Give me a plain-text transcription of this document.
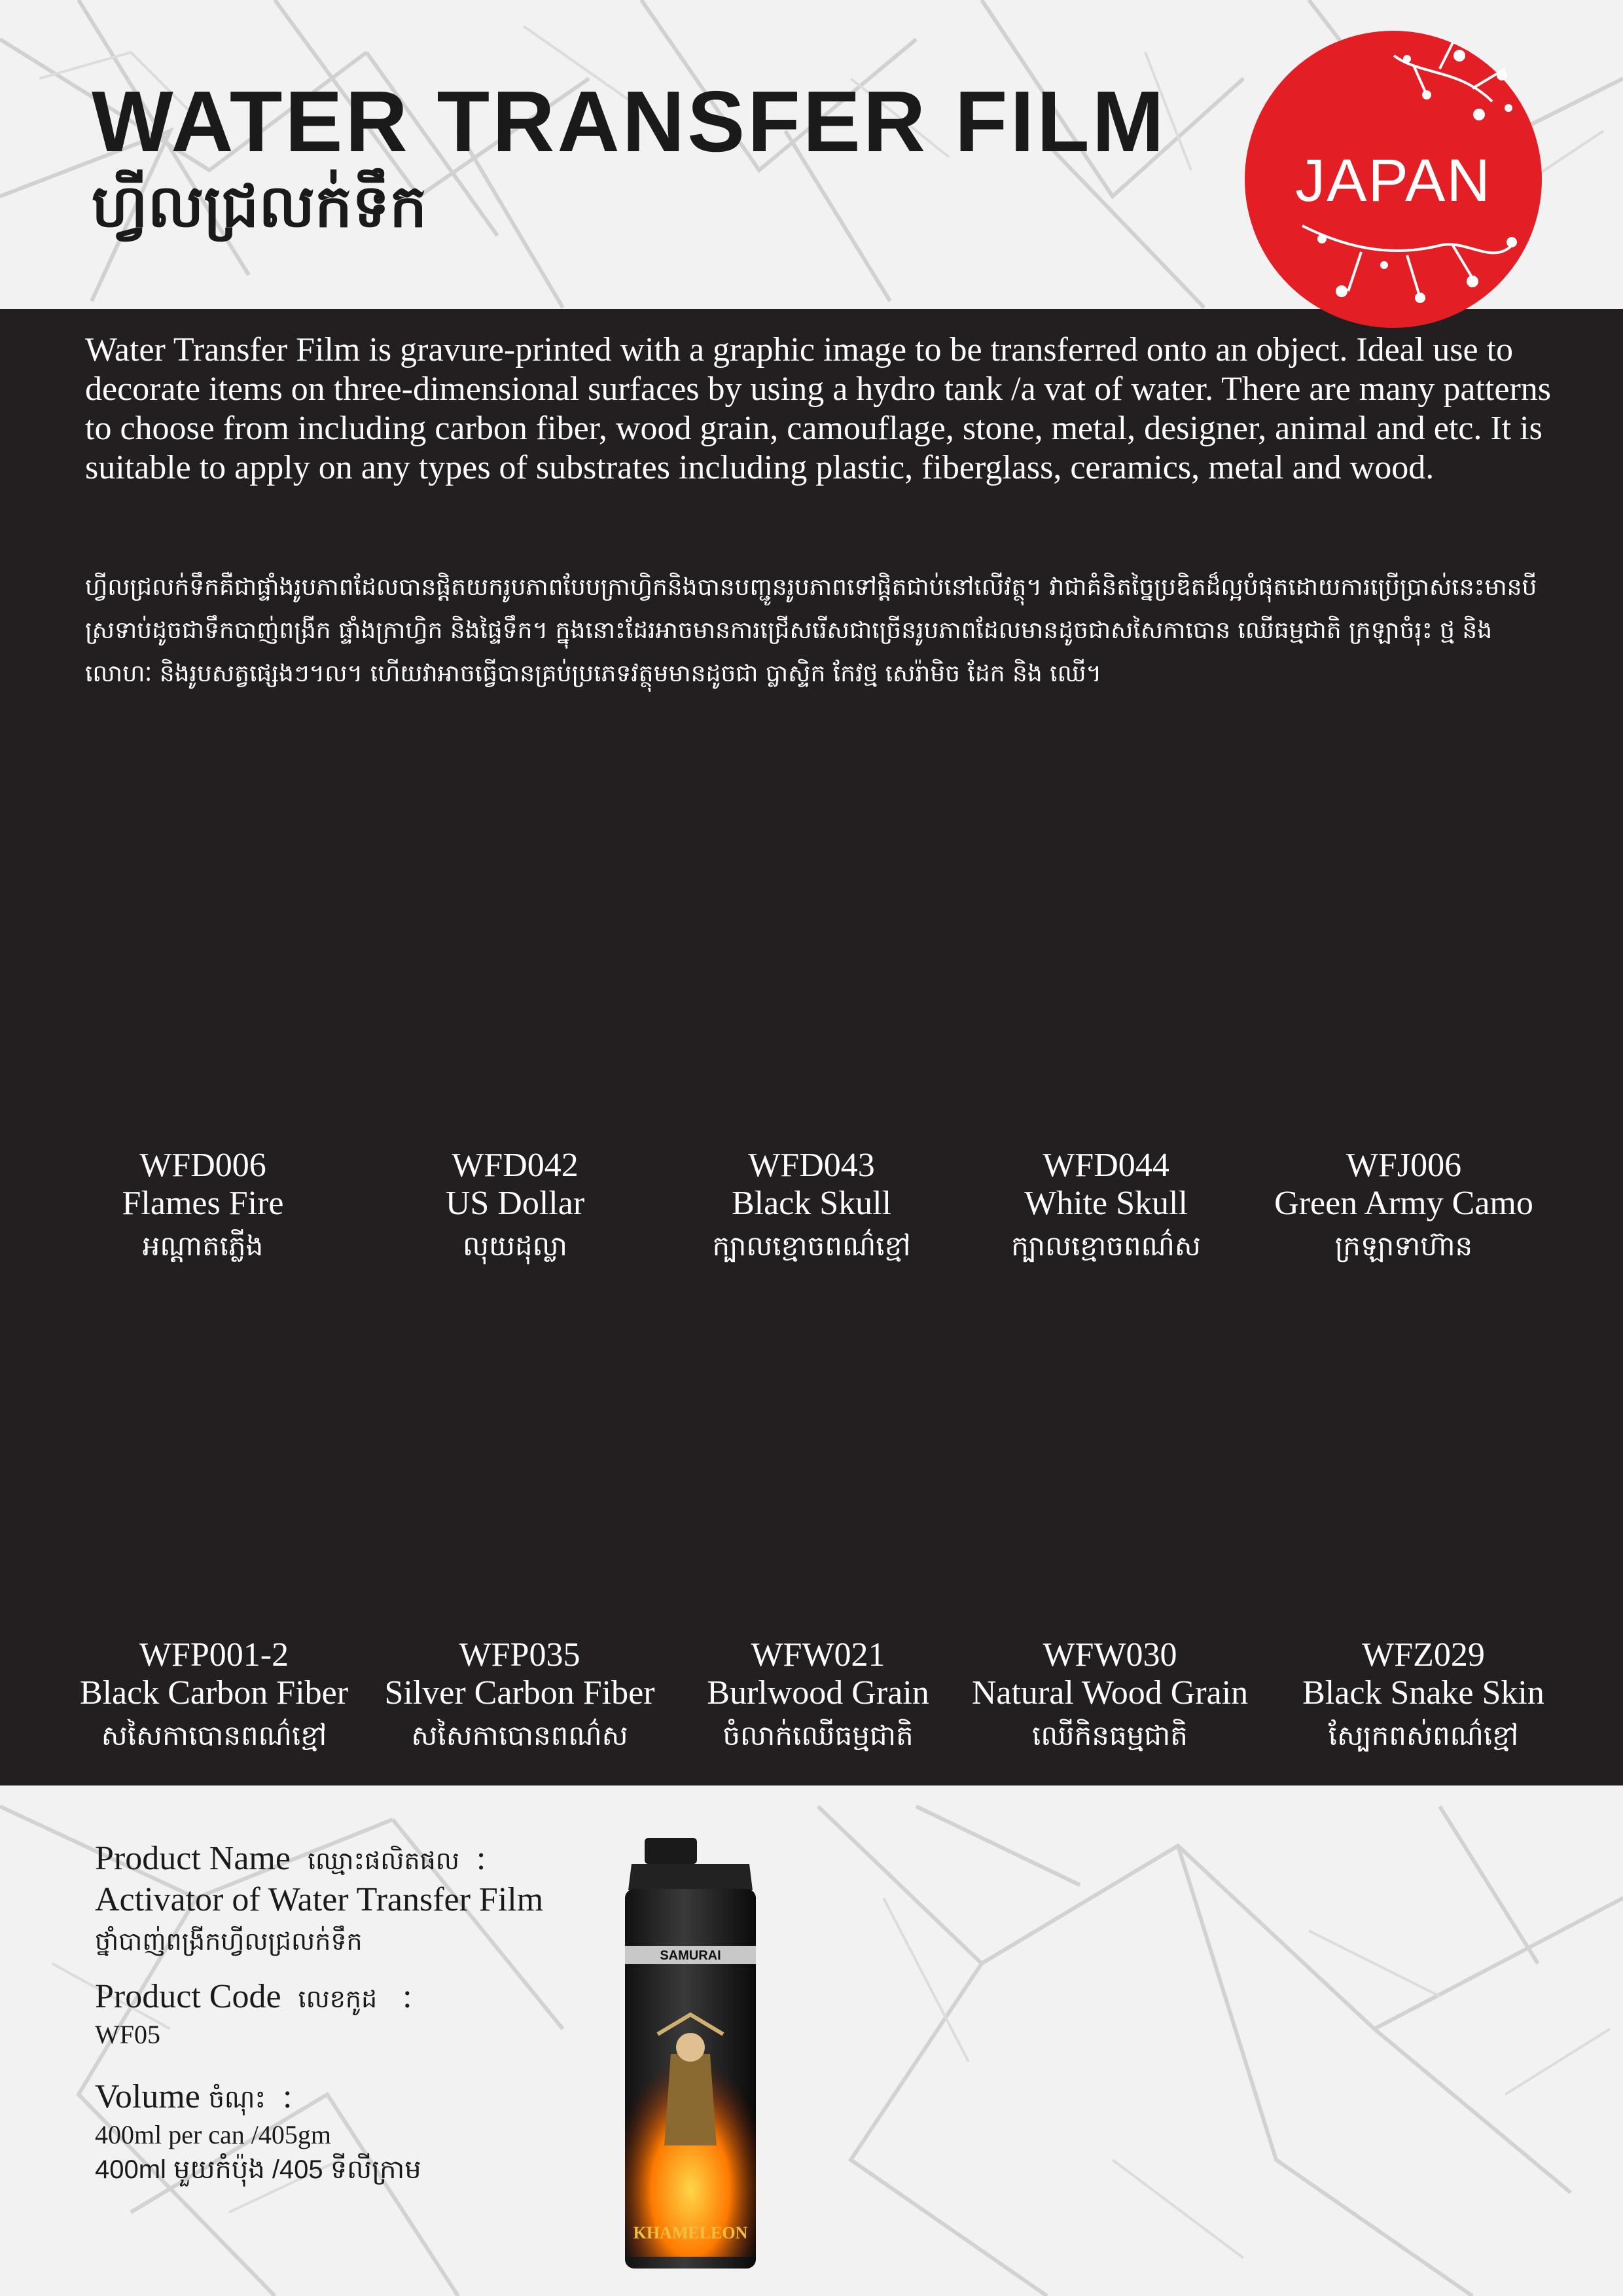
WATER TRANSFER FILM
ហ្វីលជ្រលក់ទឹក	JAPAN

Water Transfer Film is gravure-printed with a graphic image to be transferred onto an object. Ideal use to decorate items on three-dimensional surfaces by using a hydro tank /a vat of water. There are many patterns to choose from including carbon fiber, wood grain, camouflage, stone, metal, designer, animal and etc. It is suitable to apply on any types of substrates including plastic, fiberglass, ceramics, metal and wood.

ហ្វីលជ្រលក់ទឹកគឺជាផ្ទាំងរូបភាពដែលបានផ្ដិតយករូបភាពបែបក្រាហ្វិកនិងបានបញ្ជូនរូបភាពទៅផ្ដិតជាប់នៅលើវត្ថុ។ វាជាគំនិតច្នៃប្រឌិតដ៏ល្អបំផុតដោយការប្រើប្រាស់នេះមានបីស្រទាប់ដូចជាទឹកបាញ់ពង្រីក ផ្ទាំងក្រាហ្វិក និងផ្ទៃទឹក។ ក្នុងនោះដែរអាចមានការជ្រើសរើសជាច្រើនរូបភាពដែលមានដូចជាសសៃកាបោន ឈើធម្មជាតិ ក្រឡាចំរុះ ថ្ម និង លោហៈ និងរូបសត្វផ្សេងៗ។ល។ ហើយវាអាចធ្វើបានគ្រប់ប្រភេទវត្ថុមមានដូចជា ប្លាស្ទិក កែវថ្ម សេរ៉ាមិច ដែក និង ឈើ។

WFD006
Flames Fire
អណ្ដាតភ្លើង
WFD042
US Dollar
លុយដុល្លា
WFD043
Black Skull
ក្បាលខ្មោចពណ៌ខ្មៅ
WFD044
White Skull
ក្បាលខ្មោចពណ៌ស
WFJ006
Green Army Camo
ក្រឡាទាហ៊ាន
WFP001-2
Black Carbon Fiber
សសៃកាបោនពណ៌ខ្មៅ
WFP035
Silver Carbon Fiber
សសៃកាបោនពណ៌ស
WFW021
Burlwood Grain
ចំលាក់ឈើធម្មជាតិ
WFW030
Natural Wood Grain
ឈើកិនធម្មជាតិ
WFZ029
Black Snake Skin
ស្បែកពស់ពណ៌ខ្មៅ
Product Name ឈ្មោះផលិតផល  :
Activator of Water Transfer Film
ថ្នាំបាញ់ពង្រីកហ្វីលជ្រលក់ទឹក
Product Code លេខកូដ   :
WF05
Volume ចំណុះ  :
400ml per can /405gm
400ml មួយកំប៉ុង /405 ទីលីក្រាម
SAMURAI
KHAMELEON
